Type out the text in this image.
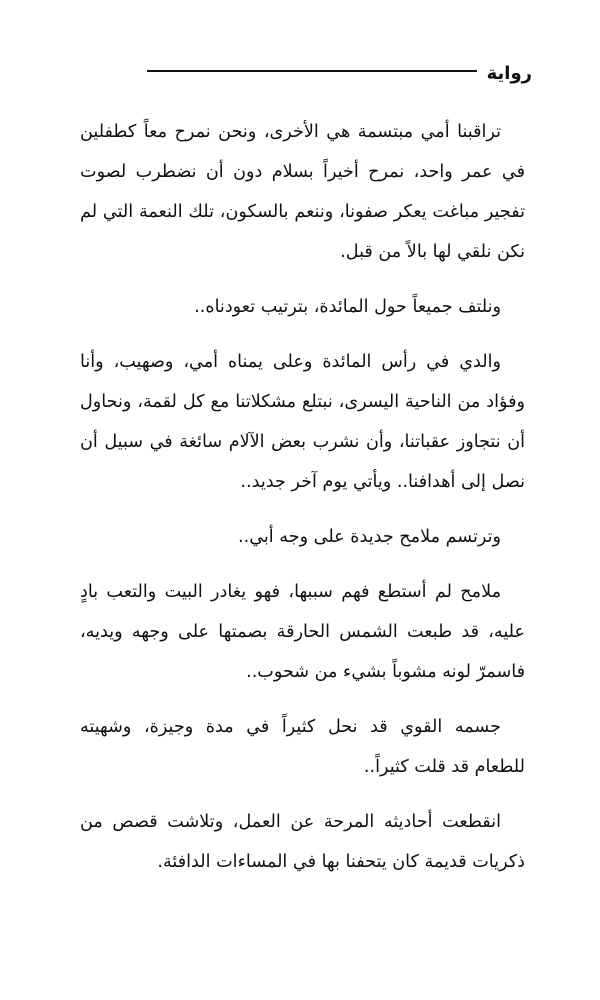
رواية

تراقبنا أمي مبتسمة هي الأخرى، ونحن نمرح معاً كطفلين في عمر واحد، نمرح أخيراً بسلام دون أن نضطرب لصوت تفجير مباغت يعكر صفونا، وننعم بالسكون، تلك النعمة التي لم نكن نلقي لها بالاً من قبل.

ونلتف جميعاً حول المائدة، بترتيب تعودناه..

والدي في رأس المائدة وعلى يمناه أمي، وصهيب، وأنا وفؤاد من الناحية اليسرى، نبتلع مشكلاتنا مع كل لقمة، ونحاول أن نتجاوز عقباتنا، وأن نشرب بعض الآلام سائغة في سبيل أن نصل إلى أهدافنا.. ويأتي يوم آخر جديد..

وترتسم ملامح جديدة على وجه أبي..

ملامح لم أستطع فهم سببها، فهو يغادر البيت والتعب بادٍ عليه، قد طبعت الشمس الحارقة بصمتها على وجهه ويديه، فاسمرّ لونه مشوباً بشيء من شحوب..

جسمه القوي قد نحل كثيراً في مدة وجيزة، وشهيته للطعام قد قلت كثيراً..

انقطعت أحاديثه المرحة عن العمل، وتلاشت قصص من ذكريات قديمة كان يتحفنا بها في المساءات الدافئة.
